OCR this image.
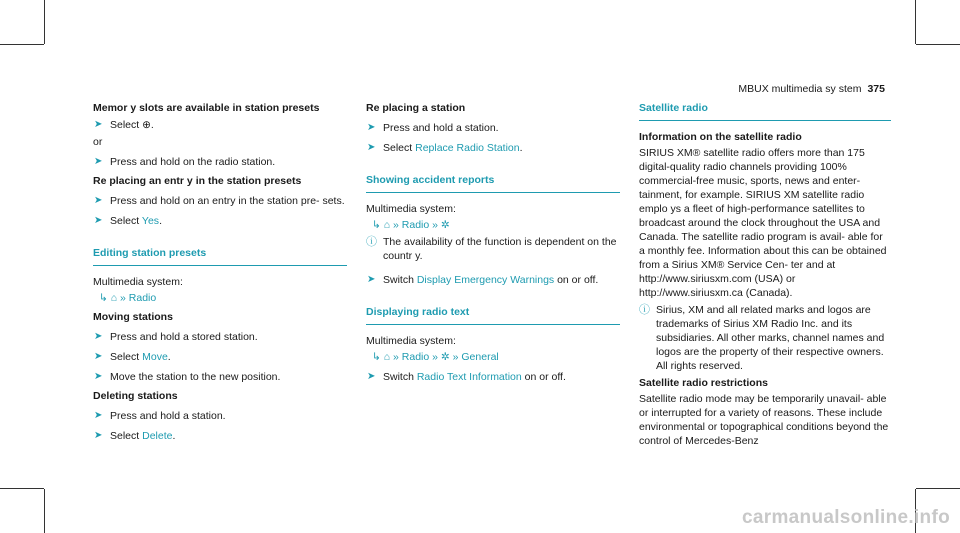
MBUX multimedia sy stem 375
Memor y slots are available in station presets
➤ Select ⊕.
or
➤ Press and hold on the radio station.
Re placing an entr y in the station presets
➤ Press and hold on an entry in the station pre‐ sets.
➤ Select Yes.
Editing station presets
Multimedia system:
↳ ⌂ » Radio
Moving stations
➤ Press and hold a stored station.
➤ Select Move.
➤ Move the station to the new position.
Deleting stations
➤ Press and hold a station.
➤ Select Delete.
Re placing a station
➤ Press and hold a station.
➤ Select Replace Radio Station.
Showing accident reports
Multimedia system:
↳ ⌂ » Radio » ✲
ⓘ The availability of the function is dependent on the countr y.
➤ Switch Display Emergency Warnings on or off.
Displaying radio text
Multimedia system:
↳ ⌂ » Radio » ✲ » General
➤ Switch Radio Text Information on or off.
Satellite radio
Information on the satellite radio
SIRIUS XM® satellite radio offers more than 175 digital-quality radio channels providing 100% commercial-free music, sports, news and enter‐ tainment, for example. SIRIUS XM satellite radio emplo ys a fleet of high-performance satellites to broadcast around the clock throughout the USA and Canada. The satellite radio program is avail‐ able for a monthly fee. Information about this can be obtained from a Sirius XM® Service Cen‐ ter and at http://www.siriusxm.com (USA) or http://www.siriusxm.ca (Canada).
ⓘ Sirius, XM and all related marks and logos are trademarks of Sirius XM Radio Inc. and its subsidiaries. All other marks, channel names and logos are the property of their respective owners. All rights reserved.
Satellite radio restrictions
Satellite radio mode may be temporarily unavail‐ able or interrupted for a variety of reasons. These include environmental or topographical conditions beyond the control of Mercedes-Benz
carmanualsonline.info
